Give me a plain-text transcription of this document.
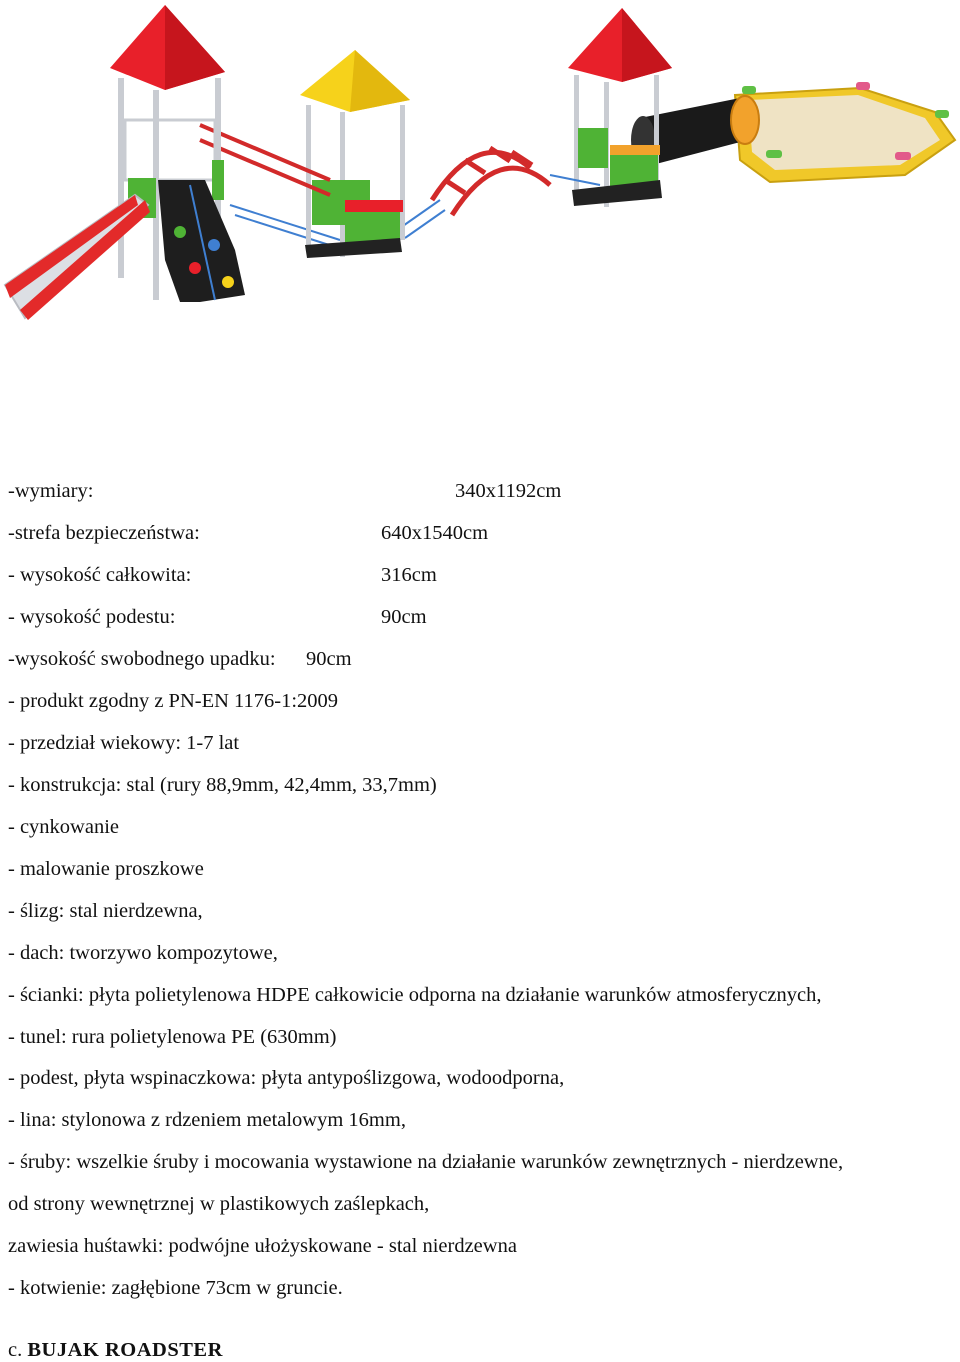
-wymiary:	340x1192cm
-strefa bezpieczeństwa:	640x1540cm
- wysokość całkowita:	316cm
- wysokość podestu:	90cm
-wysokość swobodnego upadku: 90cm
- produkt zgodny z PN-EN 1176-1:2009
- przedział wiekowy: 1-7 lat
- konstrukcja: stal (rury 88,9mm, 42,4mm, 33,7mm)
- cynkowanie
- malowanie proszkowe
- ślizg: stal nierdzewna,
- dach: tworzywo kompozytowe,
- ścianki: płyta polietylenowa HDPE całkowicie odporna na działanie warunków atmosferycznych,
- tunel: rura polietylenowa PE (630mm)
- podest, płyta wspinaczkowa: płyta antypoślizgowa, wodoodporna,
- lina: stylonowa z rdzeniem metalowym 16mm,
- śruby: wszelkie śruby i mocowania wystawione na działanie warunków zewnętrznych - nierdzewne,
od strony wewnętrznej w plastikowych zaślepkach,
zawiesia huśtawki: podwójne ułożyskowane - stal nierdzewna
- kotwienie: zagłębione 73cm w gruncie.
c. BUJAK ROADSTER
